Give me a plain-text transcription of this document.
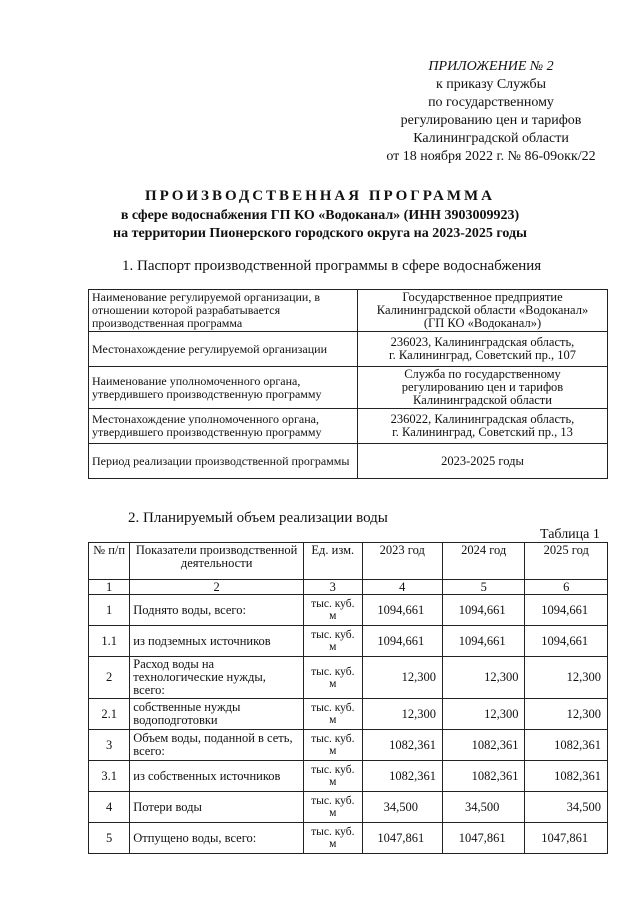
ПРИЛОЖЕНИЕ № 2
к приказу Службы
по государственному
регулированию цен и тарифов
Калининградской области
от 18 ноября 2022 г. № 86-09окк/22
ПРОИЗВОДСТВЕННАЯ ПРОГРАММА
в сфере водоснабжения ГП КО «Водоканал» (ИНН 3903009923)
на территории Пионерского городского округа на 2023-2025 годы
1. Паспорт производственной программы в сфере водоснабжения
Наименование регулируемой организации, в отношении которой разрабатывается производственная программа	Государственное предприятие
Калининградской области «Водоканал»
(ГП КО «Водоканал»)

Местонахождение регулируемой организации	236023, Калининградская область,
г. Калининград, Советский пр., 107

Наименование уполномоченного органа, утвердившего производственную программу	Служба по государственному
регулированию цен и тарифов
Калининградской области

Местонахождение уполномоченного органа, утвердившего производственную программу	236022, Калининградская область,
г. Калининград, Советский пр., 13

Период реализации производственной программы	2023-2025 годы
2. Планируемый объем реализации воды
Таблица 1
№ п/п	Показатели производственной деятельности	Ед. изм.	2023 год	2024 год	2025 год
1	2	3	4	5	6
1	Поднято воды, всего:	тыс. куб. м	1094,661	1094,661	1094,661
1.1	из подземных источников	тыс. куб. м	1094,661	1094,661	1094,661
2	Расход воды на технологические нужды, всего:	тыс. куб. м	12,300	12,300	12,300
2.1	собственные нужды водоподготовки	тыс. куб. м	12,300	12,300	12,300
3	Объем воды, поданной в сеть, всего:	тыс. куб. м	1082,361	1082,361	1082,361
3.1	из собственных источников	тыс. куб. м	1082,361	1082,361	1082,361
4	Потери воды	тыс. куб. м	34,500	34,500	34,500
5	Отпущено воды, всего:	тыс. куб. м	1047,861	1047,861	1047,861
